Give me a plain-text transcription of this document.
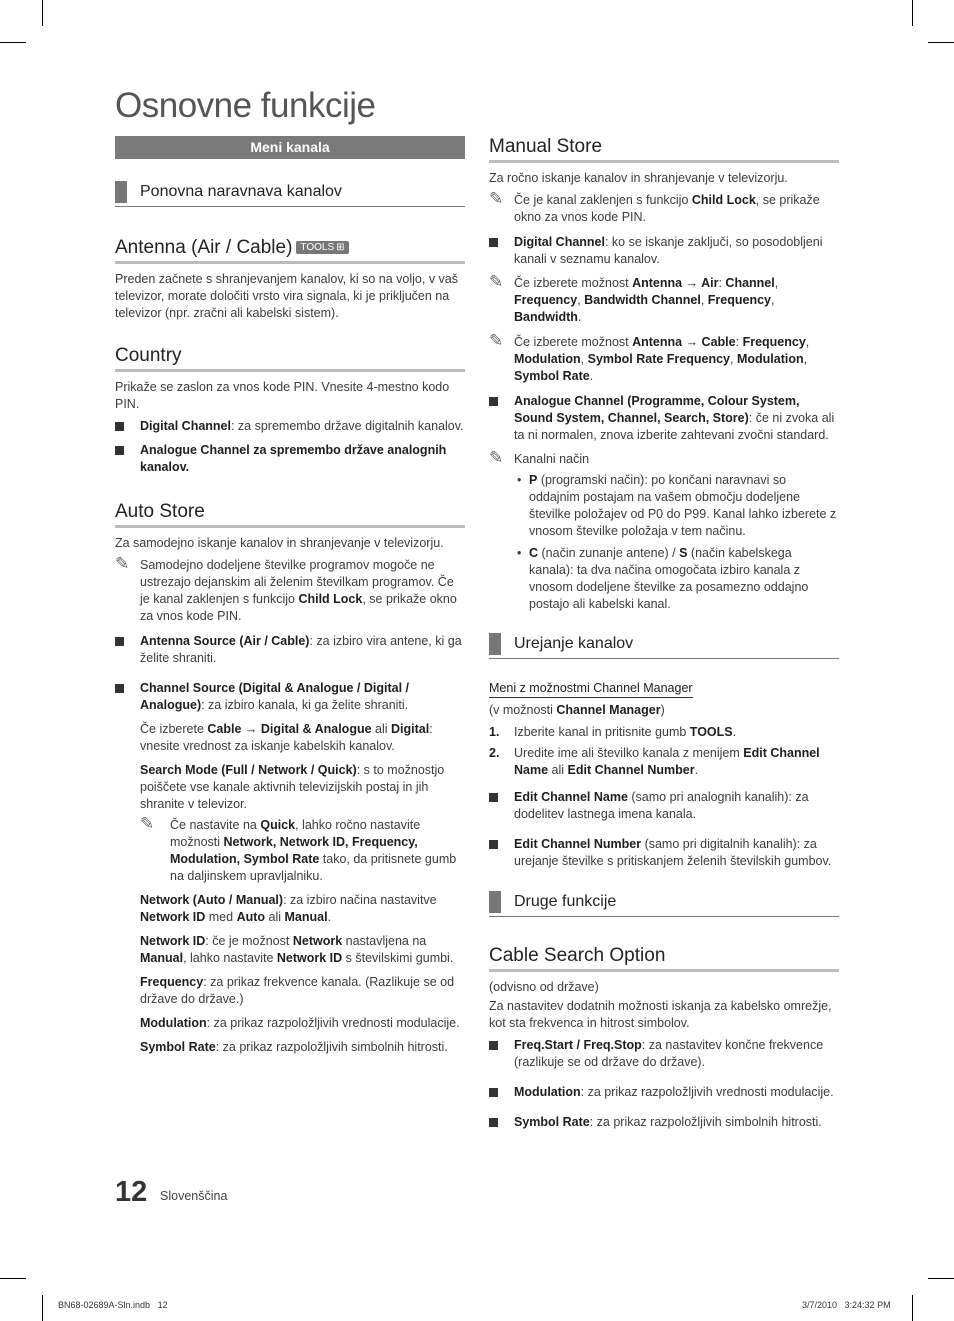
Osnovne funkcije
Meni kanala
Ponovna naravnava kanalov
Antenna (Air / Cable) TOOLS ⊞
Preden začnete s shranjevanjem kanalov, ki so na voljo, v vaš televizor, morate določiti vrsto vira signala, ki je priključen na televizor (npr. zračni ali kabelski sistem).
Country
Prikaže se zaslon za vnos kode PIN. Vnesite 4-mestno kodo PIN.
Digital Channel: za spremembo države digitalnih kanalov.
Analogue Channel za spremembo države analognih kanalov.
Auto Store
Za samodejno iskanje kanalov in shranjevanje v televizorju.
✎ Samodejno dodeljene številke programov mogoče ne ustrezajo dejanskim ali želenim številkam programov. Če je kanal zaklenjen s funkcijo Child Lock, se prikaže okno za vnos kode PIN.
Antenna Source (Air / Cable): za izbiro vira antene, ki ga želite shraniti.
Channel Source (Digital & Analogue / Digital / Analogue): za izbiro kanala, ki ga želite shraniti.
Če izberete Cable → Digital & Analogue ali Digital: vnesite vrednost za iskanje kabelskih kanalov.
Search Mode (Full / Network / Quick): s to možnostjo poiščete vse kanale aktivnih televizijskih postaj in jih shranite v televizor.
✎ Če nastavite na Quick, lahko ročno nastavite možnosti Network, Network ID, Frequency, Modulation, Symbol Rate tako, da pritisnete gumb na daljinskem upravljalniku.
Network (Auto / Manual): za izbiro načina nastavitve Network ID med Auto ali Manual.
Network ID: če je možnost Network nastavljena na Manual, lahko nastavite Network ID s številskimi gumbi.
Frequency: za prikaz frekvence kanala. (Razlikuje se od države do države.)
Modulation: za prikaz razpoložljivih vrednosti modulacije.
Symbol Rate: za prikaz razpoložljivih simbolnih hitrosti.
Manual Store
Za ročno iskanje kanalov in shranjevanje v televizorju.
✎ Če je kanal zaklenjen s funkcijo Child Lock, se prikaže okno za vnos kode PIN.
Digital Channel: ko se iskanje zaključi, so posodobljeni kanali v seznamu kanalov.
✎ Če izberete možnost Antenna → Air: Channel, Frequency, Bandwidth Channel, Frequency, Bandwidth.
✎ Če izberete možnost Antenna → Cable: Frequency, Modulation, Symbol Rate Frequency, Modulation, Symbol Rate.
Analogue Channel (Programme, Colour System, Sound System, Channel, Search, Store): če ni zvoka ali ta ni normalen, znova izberite zahtevani zvočni standard.
✎ Kanalni način
• P (programski način): po končani naravnavi so oddajnim postajam na vašem območju dodeljene številke položajev od P0 do P99. Kanal lahko izberete z vnosom številke položaja v tem načinu.
• C (način zunanje antene) / S (način kabelskega kanala): ta dva načina omogočata izbiro kanala z vnosom dodeljene številke za posamezno oddajno postajo ali kabelski kanal.
Urejanje kanalov
Meni z možnostmi Channel Manager
(v možnosti Channel Manager)
1. Izberite kanal in pritisnite gumb TOOLS.
2. Uredite ime ali številko kanala z menijem Edit Channel Name ali Edit Channel Number.
Edit Channel Name (samo pri analognih kanalih): za dodelitev lastnega imena kanala.
Edit Channel Number (samo pri digitalnih kanalih): za urejanje številke s pritiskanjem želenih številskih gumbov.
Druge funkcije
Cable Search Option
(odvisno od države)
Za nastavitev dodatnih možnosti iskanja za kabelsko omrežje, kot sta frekvenca in hitrost simbolov.
Freq.Start / Freq.Stop: za nastavitev končne frekvence (razlikuje se od države do države).
Modulation: za prikaz razpoložljivih vrednosti modulacije.
Symbol Rate: za prikaz razpoložljivih simbolnih hitrosti.
12 Slovenščina
BN68-02689A-Sln.indb   12	3/7/2010   3:24:32 PM
